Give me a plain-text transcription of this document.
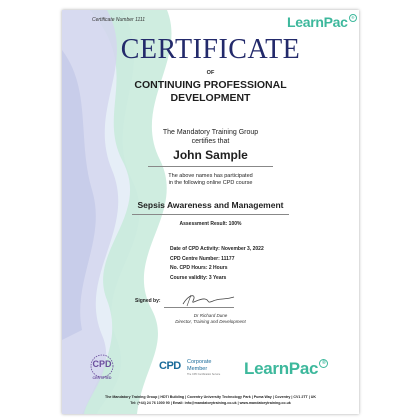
Certificate Number 1111	LearnPac ®
CERTIFICATE
OF
CONTINUING PROFESSIONAL
DEVELOPMENT
The Mandatory Training Group
certifies that
John Sample
The above names has participated
in the following online CPD course
Sepsis Awareness and Management
Assessment Result: 100%
Date of CPD Activity: November 3, 2022
CPD Centre Number: 11177
No. CPD Hours: 2 Hours
Course validity: 3 Years
Signed by:
Dr Richard Dune
Director, Training and Development
CPD
CERTIFIED
CPD Corporate
Member
The CPD Certification Service LearnPac ®
The Mandatory Training Group | HDTI Building | Coventry University Technology Park | Puma Way | Coventry | CV1 2TT | UK
Tel: (+44) 24 76 1000 90 | Email: info@mandatorytraining.co.uk | www.mandatorytraining.co.uk
